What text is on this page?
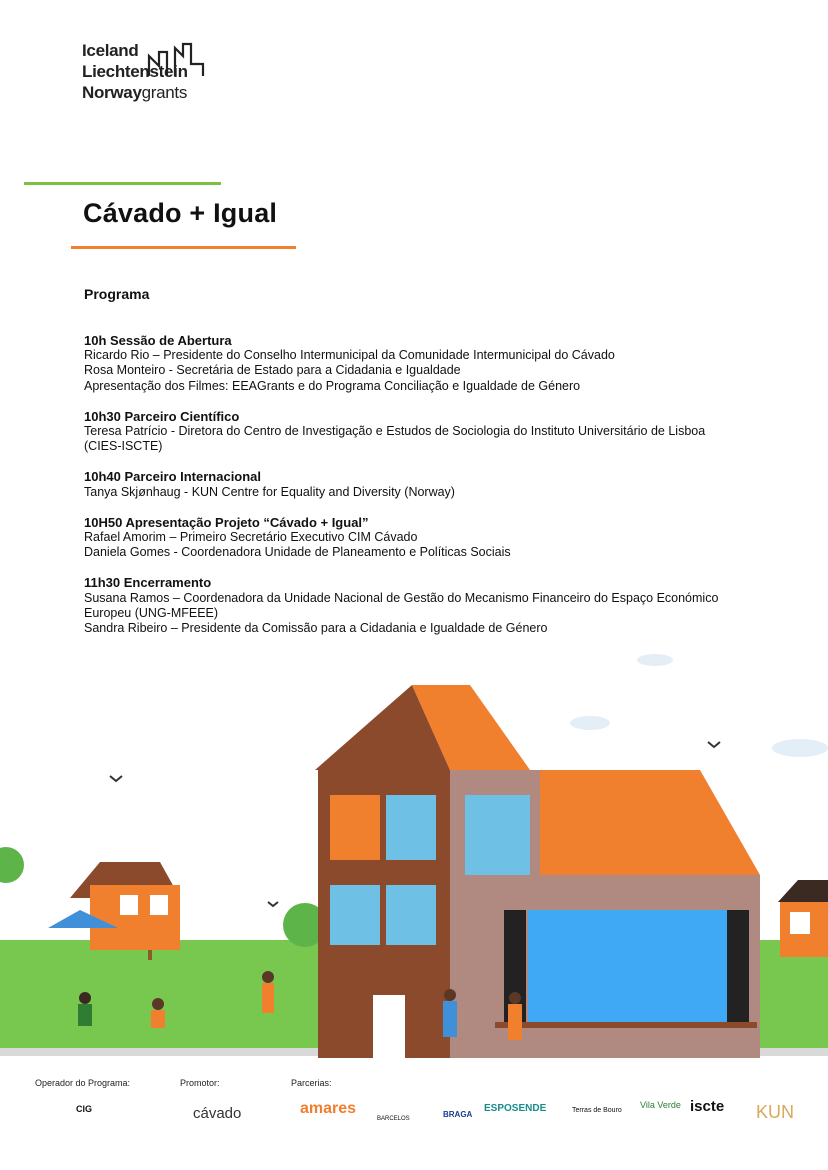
Iceland
Liechtenstein
Norwaygrants
Cávado + Igual
Programa
10h Sessão de Abertura
Ricardo Rio – Presidente do Conselho Intermunicipal da Comunidade Intermunicipal do Cávado
Rosa Monteiro - Secretária de Estado para a Cidadania e Igualdade
Apresentação dos Filmes: EEAGrants e do Programa Conciliação e Igualdade de Género
10h30 Parceiro Científico
Teresa Patrício - Diretora do Centro de Investigação e Estudos de Sociologia do Instituto Universitário de Lisboa
(CIES-ISCTE)
10h40 Parceiro Internacional
Tanya Skjønhaug - KUN Centre for Equality and Diversity (Norway)
10H50 Apresentação Projeto “Cávado + Igual”
Rafael Amorim – Primeiro Secretário Executivo CIM Cávado
Daniela Gomes - Coordenadora Unidade de Planeamento e Políticas Sociais
11h30 Encerramento
Susana Ramos – Coordenadora da Unidade Nacional de Gestão do Mecanismo Financeiro do Espaço Económico
Europeu (UNG-MFEEE)
Sandra Ribeiro – Presidente da Comissão para a Cidadania e Igualdade de Género
Operador do Programa:
CIG
Promotor:
cávado
Parcerias:
amares
BARCELOS	BRAGA
ESPOSENDE	Terras de Bouro
Vila Verde iscte KUN
